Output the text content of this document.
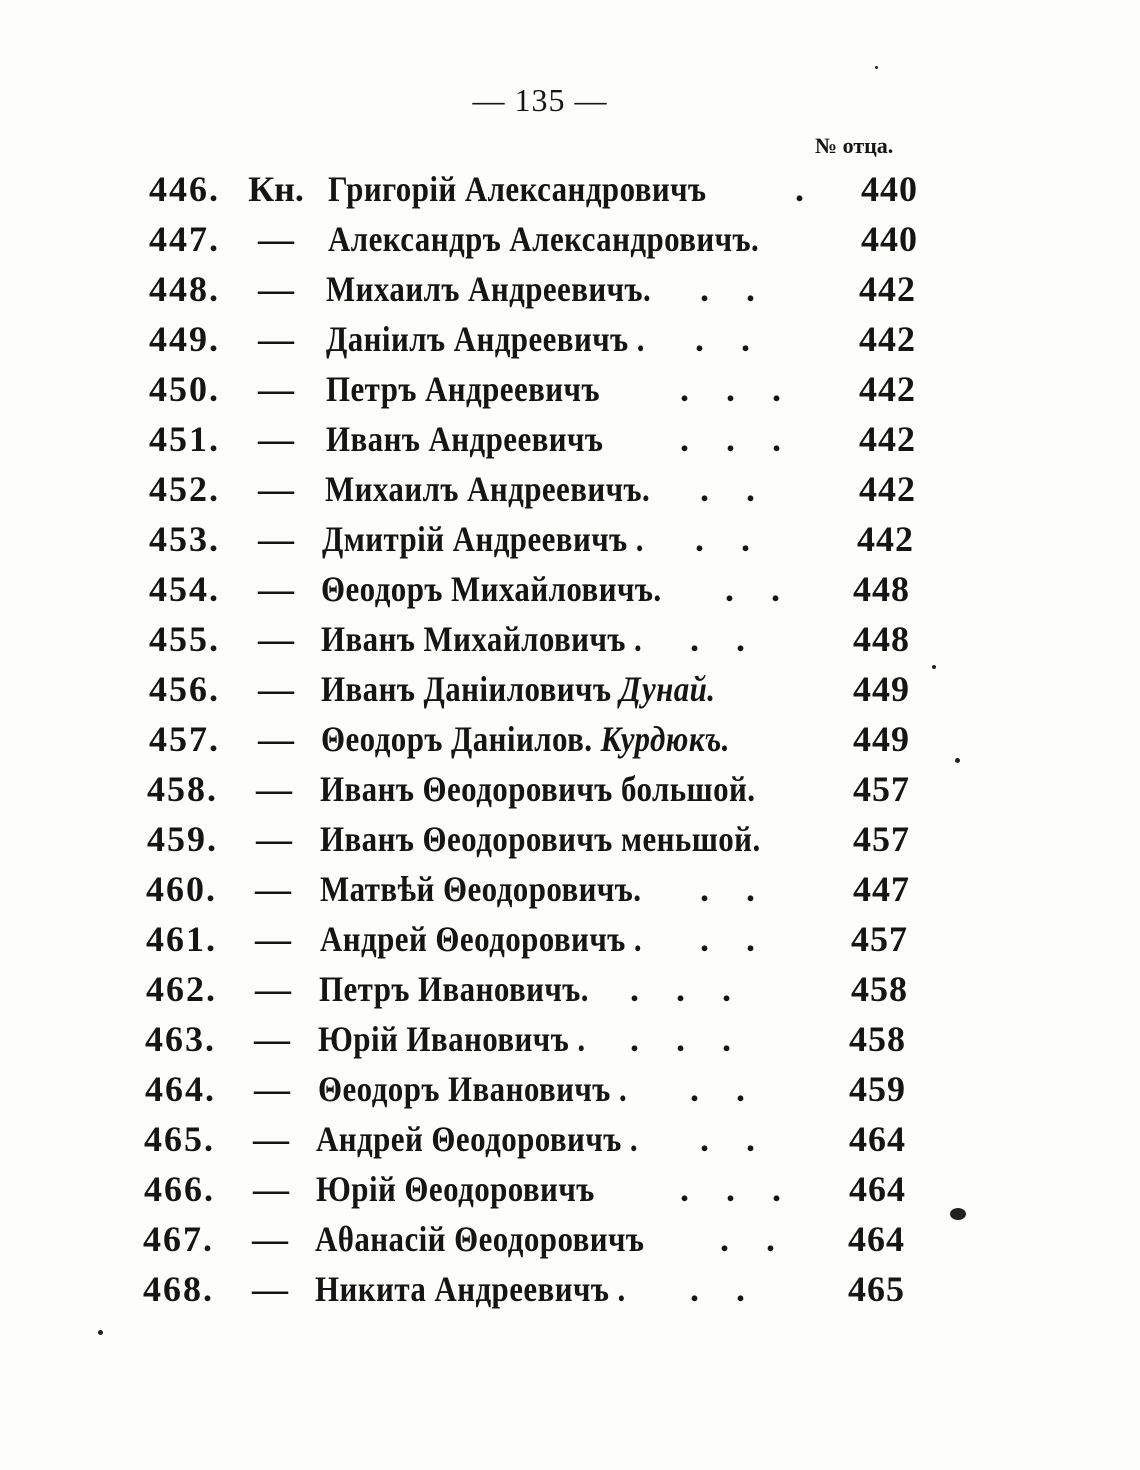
— 135 —
№ отца.
446. Кн. Григорій Александровичъ .	440
447.	— Александръ Александровичъ.	440
448.	— Михаилъ Андреевичъ. . .	442
449.	— Даніилъ Андреевичъ . . .	442
450.	— Петръ Андреевичъ . . .	442
451.	— Иванъ Андреевичъ . . .	442
452.	— Михаилъ Андреевичъ. . .	442
453.	— Дмитрій Андреевичъ . . .	442
454.	— Θеодоръ Михайловичъ. . .	448
455.	— Иванъ Михайловичъ . . .	448
456.	— Иванъ Даніиловичъ Дунай.	449
457.	— Θеодоръ Даніилов. Курдюкъ.	449
458.	— Иванъ Θеодоровичъ большой.	457
459.	— Иванъ Θеодоровичъ меньшой.	457
460.	— Матвѣй Θеодоровичъ. . .	447
461.	— Андрей Θеодоровичъ . . .	457
462.	— Петръ Ивановичъ. . . .	458
463.	— Юрій Ивановичъ . . . .	458
464.	— Θеодоръ Ивановичъ . . .	459
465.	— Андрей Θеодоровичъ . . .	464
466.	— Юрій Θеодоровичъ . . .	464
467.	— Аθанасій Θеодоровичъ . .	464
468.	— Никита Андреевичъ . . .	465
